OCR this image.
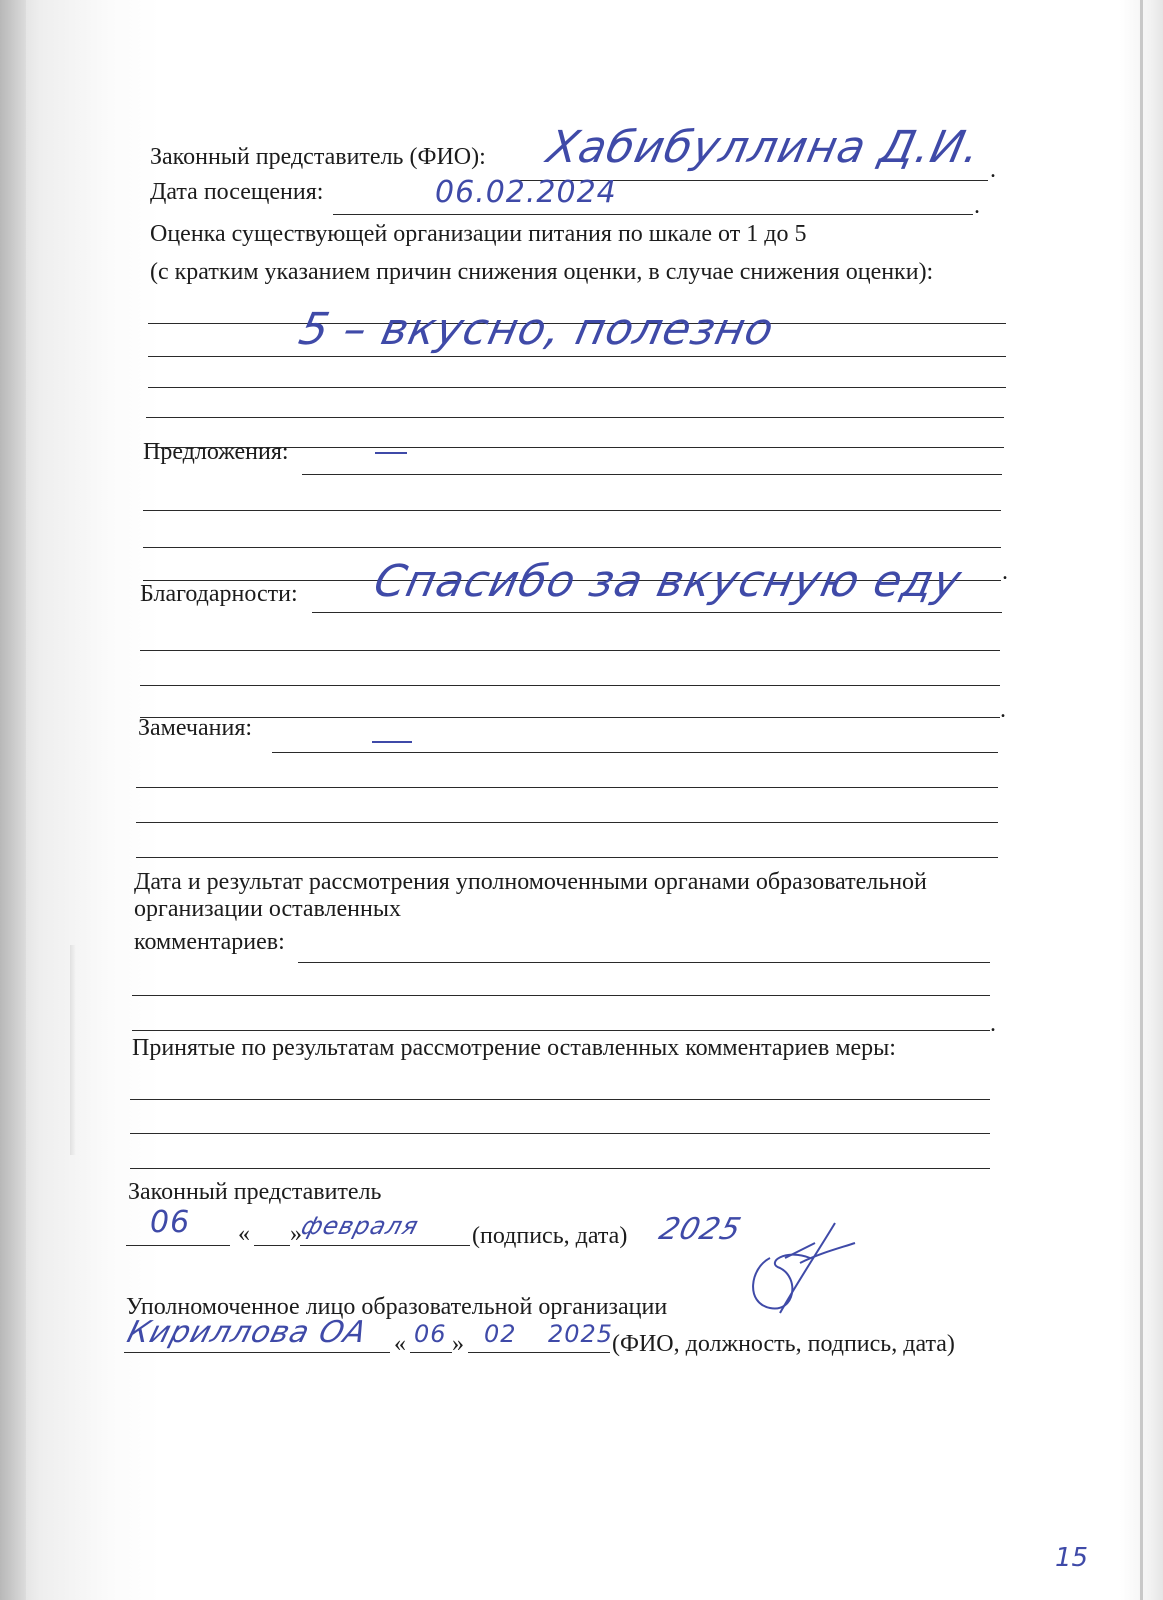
Законный представитель (ФИО):	.
Хабибуллина Д.И.
Дата посещения:
.
06.02.2024
Оценка существующей организации питания по шкале от 1 до 5
(с кратким указанием причин снижения оценки, в случае снижения оценки):
5 – вкусно, полезно
Предложения:
.
Благодарности:
.
Спасибо за вкусную еду
Замечания:
Дата и результат рассмотрения уполномоченными органами образовательной
организации оставленных
комментариев:
.
Принятые по результатам рассмотрение оставленных комментариев меры:
Законный представитель
06 « »
февраля (подпись, дата) 2025
Уполномоченное лицо образовательной организации
Кириллова ОА « 06 » 02 2025
(ФИО, должность, подпись, дата)
15
